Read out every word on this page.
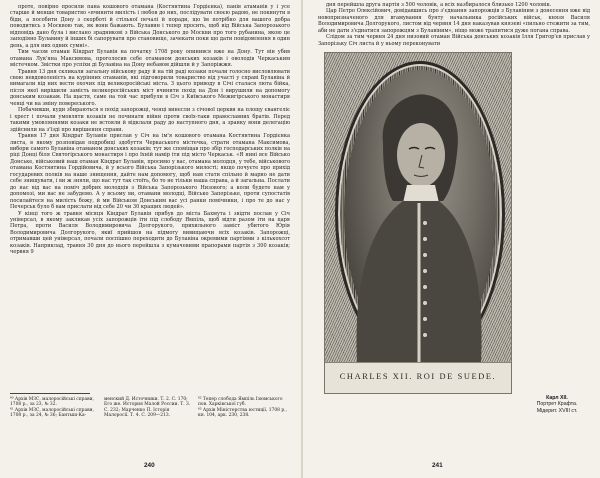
проте, повірно просили пана кошового отамана (Костянтина Гордієнка), панів атаманів у і усе старше й менше товариство «вчинити милість і любов до них, послідувати своєю радою, не покинути в біди, а пособити Дону з скорботі й стільної печалі й поради, що їм потрібно для вашого добра поводитись з Москвою так, як вони бажають. Булавин і тепер просить, щоб від Війська Запорозького відповідь дано була і вислано зрадникові з Війська Донського до Москви про того рубанинa, якою це заподіяно Булавину й інших бі сапорувати про становище, зачекати поки що дати повідомлення в один день, а для них одних сумні».

Тим часом отаман Кіндрат Булавін на початку 1708 року опинився вже на Дону. Тут він убив отамана Лук'яна Максимова, проголосив себе отаманом донських козаків і оволодів Черкаським містечком. Звістки про успіхи ді Булавіна на Дону небавом дійшли й у Запоріжжя.

Травня 13 дня скликали загальну військову раду й на тій раді козаки почали голосно висловлювати свою невдоволеність на курінних отаманів, які підговорили товариство від участі у справі Булавіна й вимагали від них вести охочих під великоросійські міста. З цього приводу в Січі сталася люта бійка, після якої вирішили замість великоросійських міст вчинити похід на Дон і вирушили на допомогу донським козакам. На щастя, саме на той час прибули в Січ з Київського Межигірського монастиря ченці чи на зміну повереського.

Побачивши, куди збираються в похід запорожці, ченці винесли з січової церкви на площу євангеліє і хрест і почали умовляти козаків не починати війни проти своїх-таки православних братів. Перед такими умовляннями козаки не встояли й відклали раду до наступного дня, а зранку вони делегацію здійснили на з'їзді про вирішення справи.

Травня 17 дня Кіндрат Булавін прислав у Січ на ім'я кошового отамана Костянтина Гордієнка листа, в якому розповідав подробиці здобуття Черкаського містечка, страти отамана Максимова, вибори самого Булавіна отаманом донських козаків; тут же споміщав про збір господарських полків на ріці Донці біля Святогірського монастиря і про їхній намір іти під місто Черкаськ. «Я нині все Військо Донське, військовий наш отаман Кіндрат Булавін, просимо у вас, отамана молодця, у тебе, військового отамана Костянтина Гордійовича, й у всього Війська Запорізького милості; якщо почуєте про прихід государевих полків на наше знищення, дайте нам допомогу, щоб нам стати спільно й марно не дати себе знищувати, і ви ж зняли, що нас тут так стоїть, бо то не тільки наша справа, а й загальна. Послати до нас від вас на поміч добрих молодців з Війська Запорозького Низового; а коли будете нам у допомозі, ми вас не забудемо. А у всьому ви, отамани молодці, Військо Запорізьке, проти супостатів посилайтеся на милість божу, й ми Військом Донським вас усі ранки помічники, і про те до нас у Печерськ було б вам прислати від себе 20 чи 30 кращих людей».

У кінці того ж травня місяця Кіндрат Булавін прибув до міста Бахмута і звідти послав у Січ універсал, в якому закликав усіх запорожців іти під слободу Ямпіль, щоб відти разом іти на царя Петра, проти Василя Володимировича Долгорукого, прихильного заміст убитого Юрія Володимировича Долгорукого, якиї прийшов на підмогу вивищаючи всіх козаків. Запорожці, отримавши цей універсал, почали поспішно переходити до Булавіна окремими партіями з кількохсот козаків. Наприклад, травня 30 дня до нього перейшла з кумачевими прапорами партія з 300 козаків; червня 9

⁶⁰ Архів МЗС, малоросійські справи, 1708 р., за 23, № 32.

⁶¹ Архів МЗС, малоросійські справи, 1708 р., за 24, № 36; Бантыш-Ка-

менский Д. Источники. Т. 2. С. 170; Его же. История Малой России. Т. 3. С. 232; Марченко П. Історія Малоросії. Т. 4. С. 209—213.

⁶² Тепер слобода Ямпіль Ізюмського пов. Харківської губ.

⁶³ Архів Міністерства юстиції, 1708 р., кн. 104, арк. 230, 238.

240

дня перейшла друга партія з 500 чоловік, а всіх назбиралося близько 1200 чоловік.

Цар Петро Олексійович, довідавшись про з'єднання запорожців з Булавіним з донесення вже від новопризначеного для вгамування бунту начальника російських військ, князя Василя Володимировича Долгорукого, листом від червня 14 дня наказував князеві «пильно стежити за тим, аби не дати з'єднатися запорожцям з Булавіним», ніщо може трапитися дуже погана справа.

Слідом за тим червня 24 дня низовий отаман Війська донських козаків Ілля Григор'єв прислав у Запорізьку Січ листа й у ньому переконувати

CHARLES XII. ROI DE SUEDE.

Карл XII.

Портрет Крафта.

Мідерит. XVIII ст.

241
